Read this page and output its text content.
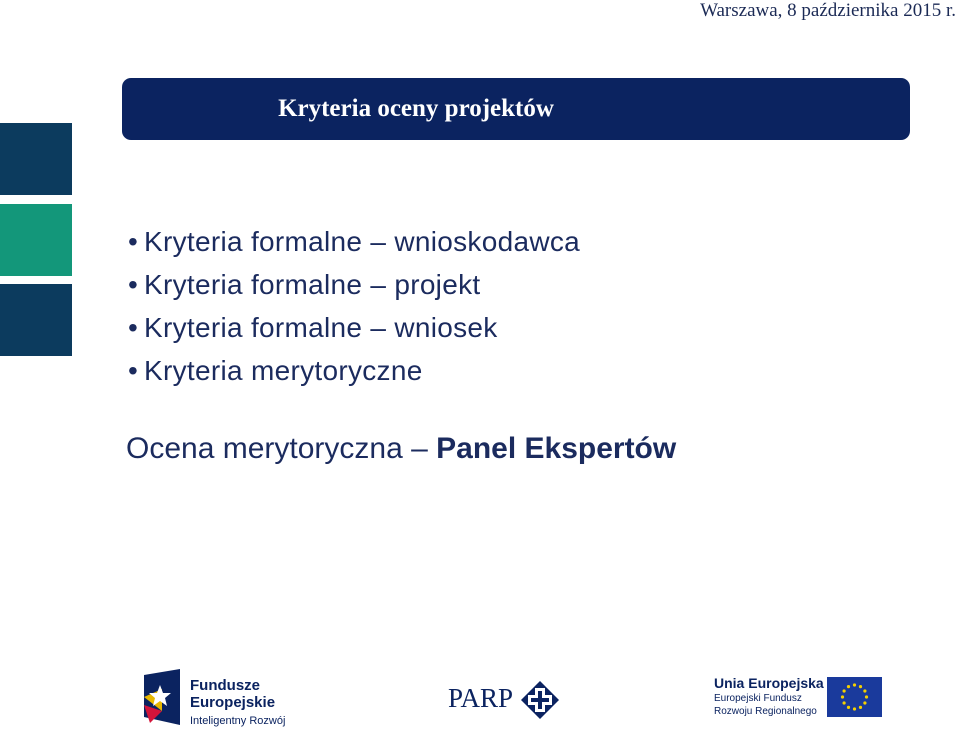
Warszawa, 8 października 2015 r.
Kryteria oceny projektów
• Kryteria formalne – wnioskodawca
• Kryteria formalne – projekt
• Kryteria formalne – wniosek
• Kryteria merytoryczne
Ocena merytoryczna – Panel Ekspertów
Fundusze
Europejskie
Inteligentny Rozwój
PARP	Unia Europejska
Europejski Fundusz
Rozwoju Regionalnego
